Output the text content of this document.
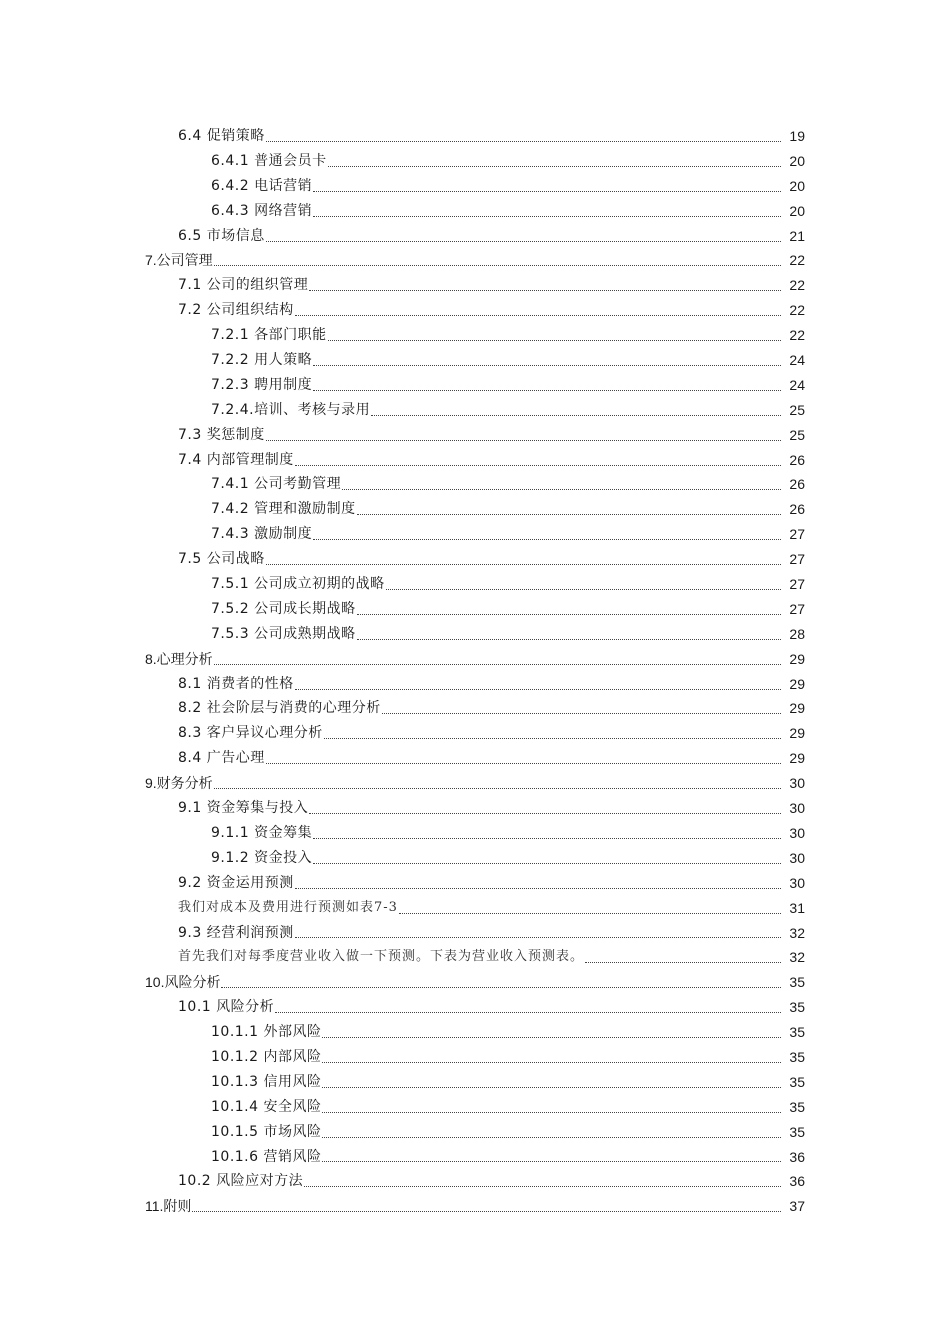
6.4 促销策略	19
6.4.1 普通会员卡	20
6.4.2 电话营销	20
6.4.3 网络营销	20
6.5 市场信息	21
7.公司管理	22
7.1 公司的组织管理	22
7.2 公司组织结构	22
7.2.1 各部门职能	22
7.2.2 用人策略	24
7.2.3 聘用制度	24
7.2.4.培训、考核与录用	25
7.3 奖惩制度	25
7.4 内部管理制度	26
7.4.1 公司考勤管理	26
7.4.2 管理和激励制度	26
7.4.3 激励制度	27
7.5 公司战略	27
7.5.1 公司成立初期的战略	27
7.5.2 公司成长期战略	27
7.5.3 公司成熟期战略	28
8.心理分析	29
8.1 消费者的性格	29
8.2 社会阶层与消费的心理分析	29
8.3 客户异议心理分析	29
8.4 广告心理	29
9.财务分析	30
9.1 资金筹集与投入	30
9.1.1 资金筹集	30
9.1.2 资金投入	30
9.2 资金运用预测	30
我们对成本及费用进行预测如表7-3	31
9.3 经营利润预测	32
首先我们对每季度营业收入做一下预测。下表为营业收入预测表。	32
10.风险分析	35
10.1 风险分析	35
10.1.1 外部风险	35
10.1.2 内部风险	35
10.1.3 信用风险	35
10.1.4 安全风险	35
10.1.5 市场风险	35
10.1.6 营销风险	36
10.2 风险应对方法	36
11.附则	37
